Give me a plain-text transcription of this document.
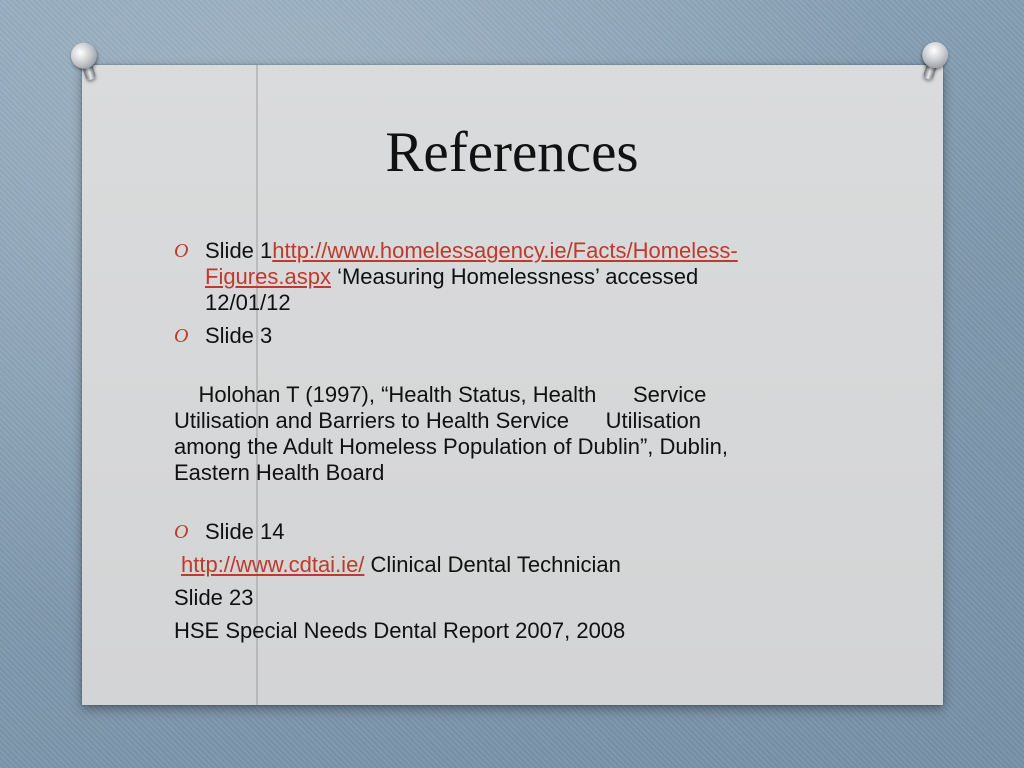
References
O Slide 1http://www.homelessagency.ie/Facts/Homeless-
Figures.aspx ‘Measuring Homelessness’ accessed
12/01/12
O Slide 3

Holohan T (1997), “Health Status, Health      Service
Utilisation and Barriers to Health Service      Utilisation
among the Adult Homeless Population of Dublin”, Dublin,
Eastern Health Board

O Slide 14
http://www.cdtai.ie/ Clinical Dental Technician
Slide 23
HSE Special Needs Dental Report 2007, 2008
